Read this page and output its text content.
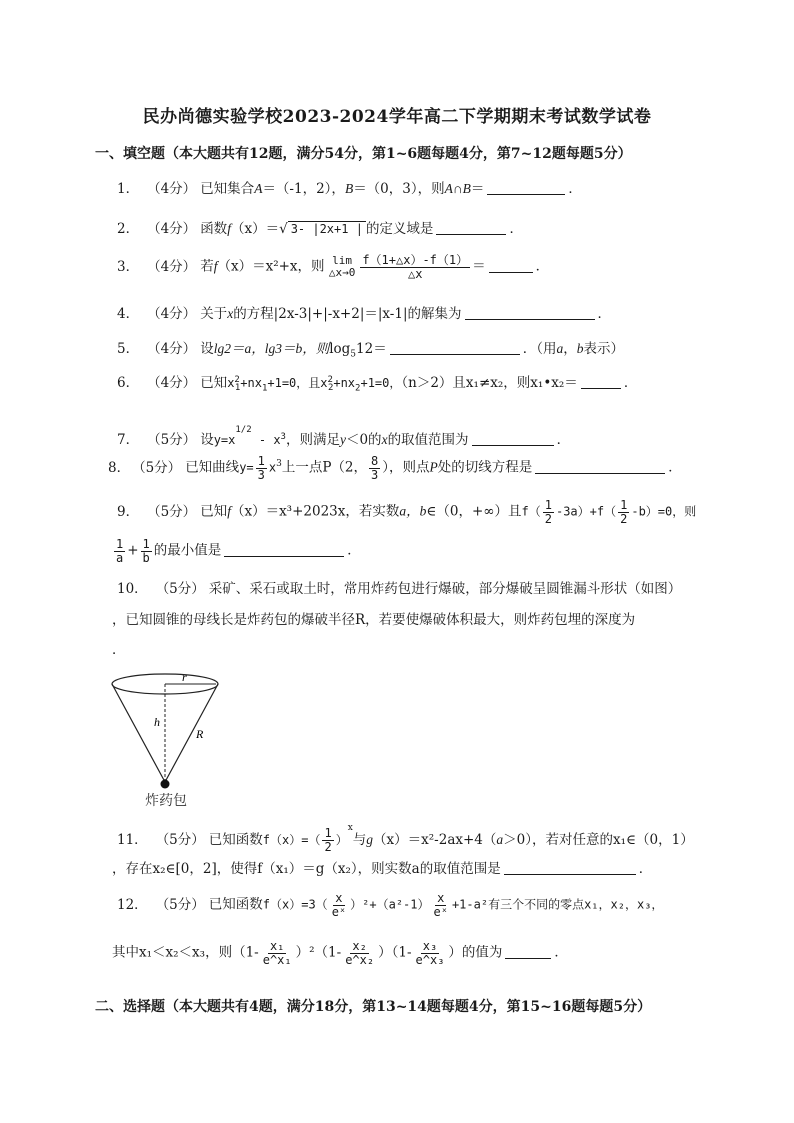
民办尚德实验学校2023-2024学年高二下学期期末考试数学试卷
一、填空题（本大题共有12题，满分54分，第1~6题每题4分，第7~12题每题5分）
1． （4分） 已知集合A＝（-1，2），B＝（0，3），则A∩B＝	．
2． （4分） 函数f（x）＝√ 3- |2x+1 | 的定义域是	．
3． （4分） 若f（x）＝x²+x，则 lim
△x→0 $\frac{f(1+\triangle x)-f(1)}{\triangle x}$ ＝	．
4． （4分） 关于x的方程|2x-3|+|-x+2|＝|x-1|的解集为	．
5． （4分） 设lg2＝a，lg3＝b，则$\log_512=$	．（用a，b表示）
6． （4分） 已知$x^2_1+nx_1+1=0$，且$x^2_2+nx_2+1=0$，（n＞2）且x₁≠x₂，则x₁•x₂＝	．
7． （5分） 设$y=x^{1/2} - x^3$，则满足y＜0的x的取值范围为	．
8． （5分） 已知曲线$y= \frac{1}{3} x^3$上一点P（2， $\frac{8}{3}$ ），则点P处的切线方程是	．
9． （5分） 已知f（x）＝x³+2023x，若实数a，b∈（0，+∞）且$f( \frac{1}{2} -3a)+f( \frac{1}{2} -b)=0$，则
$\frac{1}{a} + \frac{1}{b}$ 的最小值是	．
10． （5分） 采矿、采石或取土时，常用炸药包进行爆破，部分爆破呈圆锥漏斗形状（如图）
，已知圆锥的母线长是炸药包的爆破半径R，若要使爆破体积最大，则炸药包埋的深度为
．
r
h
R
炸药包
11． （5分） 已知函数$f(x)=( \frac{1}{2} )^x$与g（x）＝x²-2ax+4（a＞0），若对任意的x₁∈（0，1）
，存在x₂∈[0，2]，使得f（x₁）＝g（x₂），则实数a的取值范围是	．
12． （5分） 已知函数$f(x)=3( \frac{x}{\text{eˣ}} )^2+(a^2-1) \frac{x}{\text{eˣ}} +1-a^2$有三个不同的零点x₁，x₂，x₃，
其中x₁＜x₂＜x₃，则$(1- \frac{\text{x₁}}{\text{e\textasciicircum{}x₁}} )^2(1- \frac{\text{x₂}}{\text{e\textasciicircum{}x₂}} )(1- \frac{\text{x₃}}{\text{e\textasciicircum{}x₃}}$ ）的值为	．
二、选择题（本大题共有4题，满分18分，第13~14题每题4分，第15~16题每题5分）
